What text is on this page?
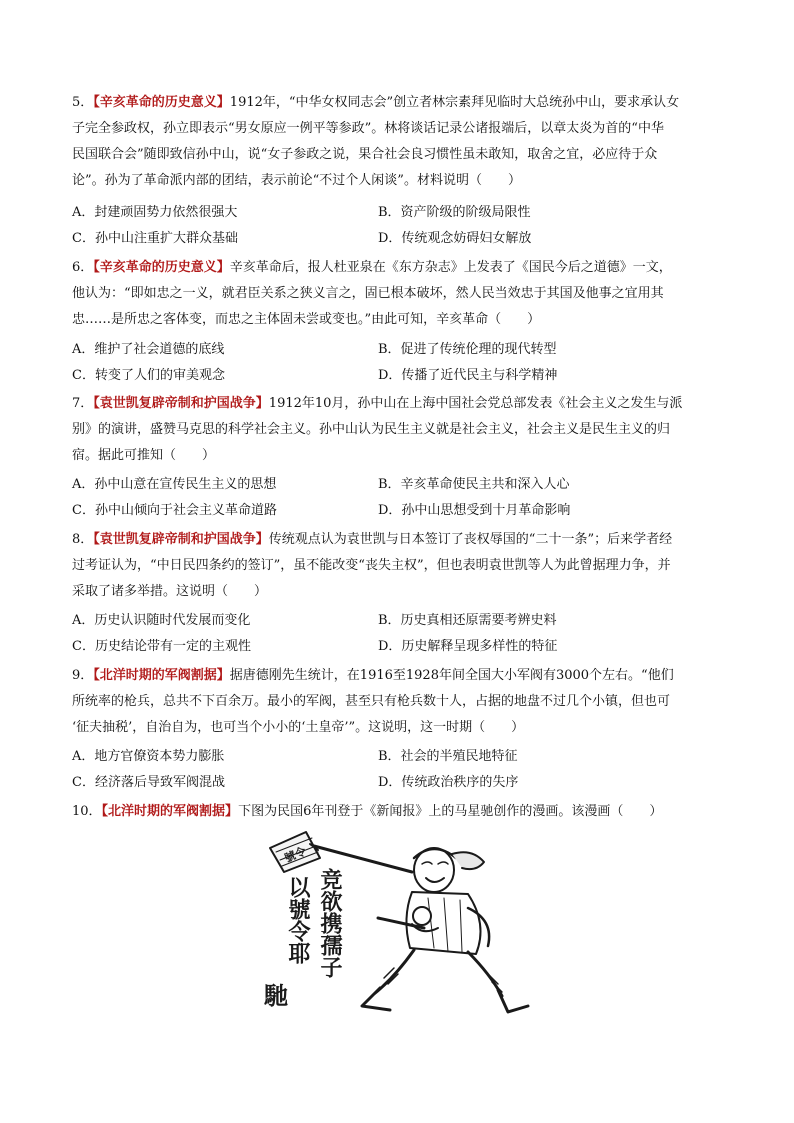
5．【辛亥革命的历史意义】1912年，“中华女权同志会”创立者林宗素拜见临时大总统孙中山，要求承认女
子完全参政权，孙立即表示“男女原应一例平等参政”。林将谈话记录公诸报端后，以章太炎为首的“中华
民国联合会”随即致信孙中山，说“女子参政之说，果合社会良习惯性虽未敢知，取舍之宜，必应待于众
论”。孙为了革命派内部的团结，表示前论“不过个人闲谈”。材料说明（　　）
A．封建顽固势力依然很强大	B．资产阶级的阶级局限性
C．孙中山注重扩大群众基础	D．传统观念妨碍妇女解放
6．【辛亥革命的历史意义】辛亥革命后，报人杜亚泉在《东方杂志》上发表了《国民今后之道德》一文，
他认为：“即如忠之一义，就君臣关系之狭义言之，固已根本破坏，然人民当效忠于其国及他事之宜用其
忠……是所忠之客体变，而忠之主体固未尝或变也。”由此可知，辛亥革命（　　）
A．维护了社会道德的底线	B．促进了传统伦理的现代转型
C．转变了人们的审美观念	D．传播了近代民主与科学精神
7．【袁世凯复辟帝制和护国战争】1912年10月，孙中山在上海中国社会党总部发表《社会主义之发生与派
别》的演讲，盛赞马克思的科学社会主义。孙中山认为民生主义就是社会主义，社会主义是民生主义的归
宿。据此可推知（　　）
A．孙中山意在宣传民生主义的思想	B．辛亥革命使民主共和深入人心
C．孙中山倾向于社会主义革命道路	D．孙中山思想受到十月革命影响
8．【袁世凯复辟帝制和护国战争】传统观点认为袁世凯与日本签订了丧权辱国的“二十一条”；后来学者经
过考证认为，“中日民四条约的签订”，虽不能改变“丧失主权”，但也表明袁世凯等人为此曾据理力争，并
采取了诸多举措。这说明（　　）
A．历史认识随时代发展而变化	B．历史真相还原需要考辨史料
C．历史结论带有一定的主观性	D．历史解释呈现多样性的特征
9．【北洋时期的军阀割据】据唐德刚先生统计，在1916至1928年间全国大小军阀有3000个左右。“他们
所统率的枪兵，总共不下百余万。最小的军阀，甚至只有枪兵数十人，占据的地盘不过几个小镇，但也可
‘征夫抽税’，自治自为，也可当个小小的‘土皇帝’”。这说明，这一时期（　　）
A．地方官僚资本势力膨胀	B．社会的半殖民地特征
C．经济落后导致军阀混战	D．传统政治秩序的失序
10．【北洋时期的军阀割据】下图为民国6年刊登于《新闻报》上的马星驰创作的漫画。该漫画（　　）
號令
竞欲携孺子
以號令耶
馳
